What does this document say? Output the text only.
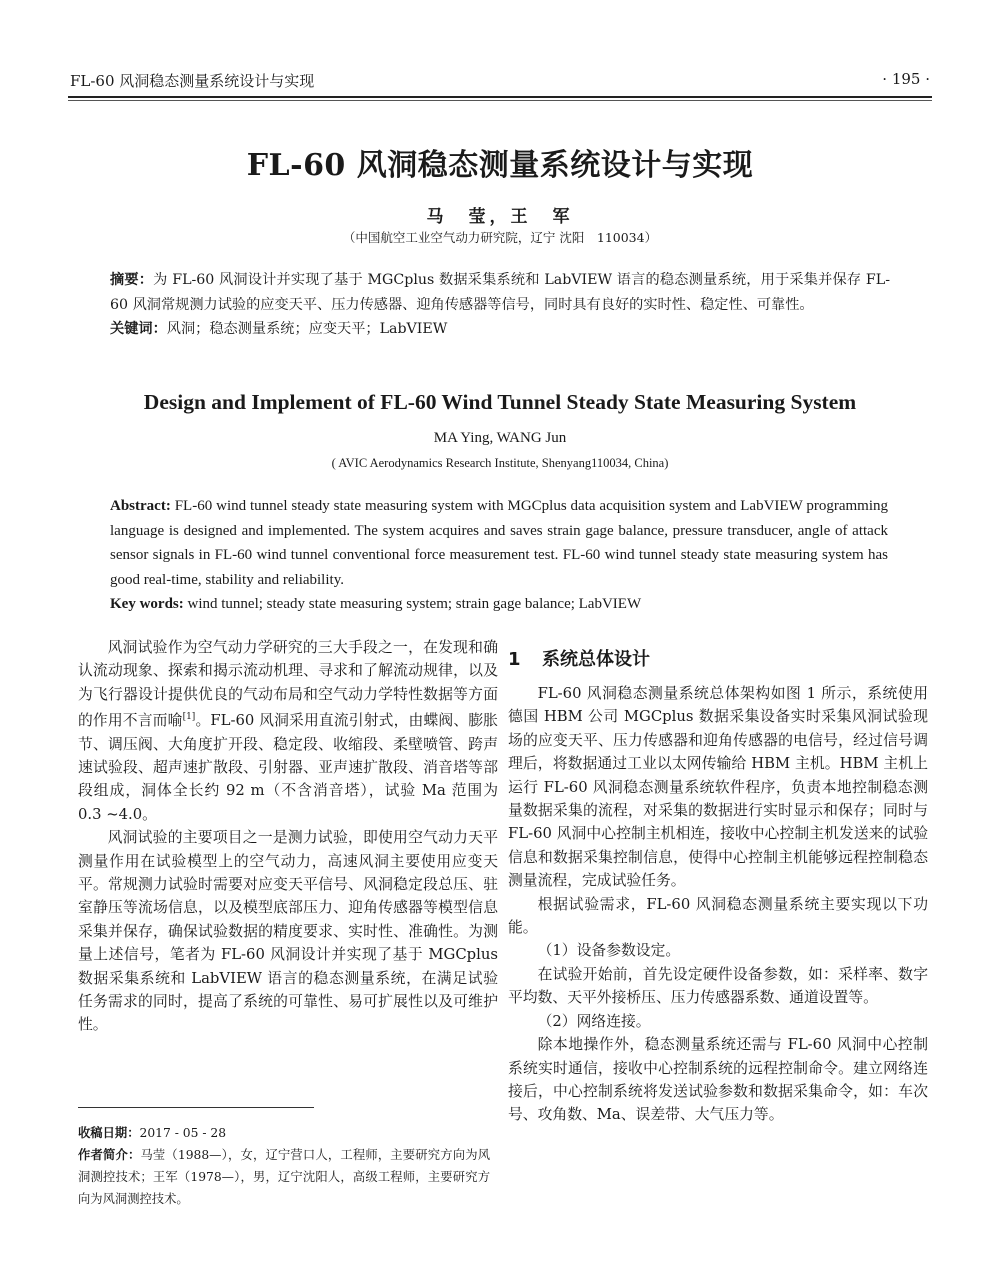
FL-60 风洞稳态测量系统设计与实现	· 195 ·
FL-60 风洞稳态测量系统设计与实现
马　莹，王　军
（中国航空工业空气动力研究院，辽宁 沈阳　110034）
摘要：为 FL-60 风洞设计并实现了基于 MGCplus 数据采集系统和 LabVIEW 语言的稳态测量系统，用于采集并保存 FL-60 风洞常规测力试验的应变天平、压力传感器、迎角传感器等信号，同时具有良好的实时性、稳定性、可靠性。
关键词：风洞；稳态测量系统；应变天平；LabVIEW
Design and Implement of FL-60 Wind Tunnel Steady State Measuring System
MA Ying, WANG Jun
( AVIC Aerodynamics Research Institute, Shenyang110034, China)
Abstract: FL-60 wind tunnel steady state measuring system with MGCplus data acquisition system and LabVIEW programming language is designed and implemented. The system acquires and saves strain gage balance, pressure transducer, angle of attack sensor signals in FL-60 wind tunnel conventional force measurement test. FL-60 wind tunnel steady state measuring system has good real-time, stability and reliability.
Key words: wind tunnel; steady state measuring system; strain gage balance; LabVIEW

风洞试验作为空气动力学研究的三大手段之一，在发现和确认流动现象、探索和揭示流动机理、寻求和了解流动规律，以及为飞行器设计提供优良的气动布局和空气动力学特性数据等方面的作用不言而喻[1]。FL-60 风洞采用直流引射式，由蝶阀、膨胀节、调压阀、大角度扩开段、稳定段、收缩段、柔壁喷管、跨声速试验段、超声速扩散段、引射器、亚声速扩散段、消音塔等部段组成，洞体全长约 92 m（不含消音塔），试验 Ma 范围为 0.3 ~4.0。

风洞试验的主要项目之一是测力试验，即使用空气动力天平测量作用在试验模型上的空气动力，高速风洞主要使用应变天平。常规测力试验时需要对应变天平信号、风洞稳定段总压、驻室静压等流场信息，以及模型底部压力、迎角传感器等模型信息采集并保存，确保试验数据的精度要求、实时性、准确性。为测量上述信号，笔者为 FL-60 风洞设计并实现了基于 MGCplus 数据采集系统和 LabVIEW 语言的稳态测量系统，在满足试验任务需求的同时，提高了系统的可靠性、易可扩展性以及可维护性。

收稿日期：2017 - 05 - 28

作者简介：马莹（1988—），女，辽宁营口人，工程师，主要研究方向为风洞测控技术；王军（1978—），男，辽宁沈阳人，高级工程师，主要研究方向为风洞测控技术。

1 系统总体设计

FL-60 风洞稳态测量系统总体架构如图 1 所示，系统使用德国 HBM 公司 MGCplus 数据采集设备实时采集风洞试验现场的应变天平、压力传感器和迎角传感器的电信号，经过信号调理后，将数据通过工业以太网传输给 HBM 主机。HBM 主机上运行 FL-60 风洞稳态测量系统软件程序，负责本地控制稳态测量数据采集的流程，对采集的数据进行实时显示和保存；同时与 FL-60 风洞中心控制主机相连，接收中心控制主机发送来的试验信息和数据采集控制信息，使得中心控制主机能够远程控制稳态测量流程，完成试验任务。

根据试验需求，FL-60 风洞稳态测量系统主要实现以下功能。

（1）设备参数设定。

在试验开始前，首先设定硬件设备参数，如：采样率、数字平均数、天平外接桥压、压力传感器系数、通道设置等。

（2）网络连接。

除本地操作外，稳态测量系统还需与 FL-60 风洞中心控制系统实时通信，接收中心控制系统的远程控制命令。建立网络连接后，中心控制系统将发送试验参数和数据采集命令，如：车次号、攻角数、Ma、误差带、大气压力等。
